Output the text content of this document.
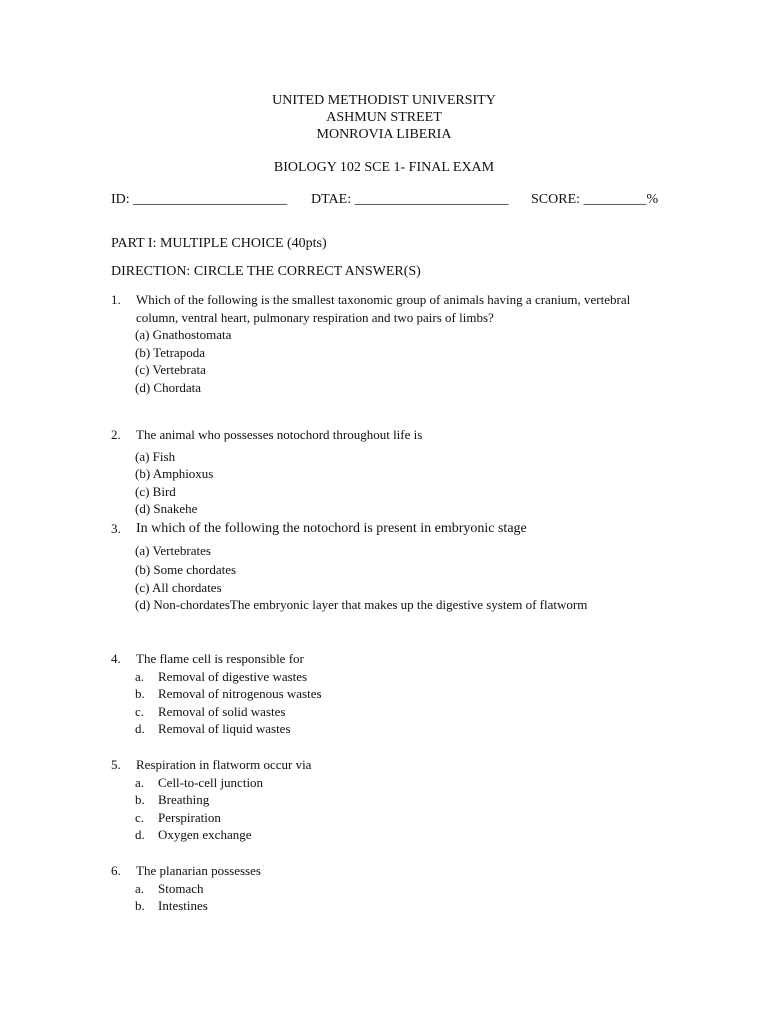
UNITED METHODIST UNIVERSITY
ASHMUN STREET
MONROVIA LIBERIA
BIOLOGY 102 SCE 1- FINAL EXAM
ID: ______________________ DTAE: ______________________ SCORE: _________%
PART I: MULTIPLE CHOICE (40pts)
DIRECTION: CIRCLE THE CORRECT ANSWER(S)
1. Which of the following is the smallest taxonomic group of animals having a cranium, vertebral column, ventral heart, pulmonary respiration and two pairs of limbs?
(a) Gnathostomata
(b) Tetrapoda
(c) Vertebrata
(d) Chordata
2. The animal who possesses notochord throughout life is
(a) Fish
(b) Amphioxus
(c) Bird
(d) Snakehe
3. In which of the following the notochord is present in embryonic stage
(a) Vertebrates
(b) Some chordates
(c) All chordates
(d) Non-chordatesThe embryonic layer that makes up the digestive system of flatworm
4. The flame cell is responsible for
a. Removal of digestive wastes
b. Removal of nitrogenous wastes
c. Removal of solid wastes
d. Removal of liquid wastes
5. Respiration in flatworm occur via
a. Cell-to-cell junction
b. Breathing
c. Perspiration
d. Oxygen exchange
6. The planarian possesses
a. Stomach
b. Intestines
